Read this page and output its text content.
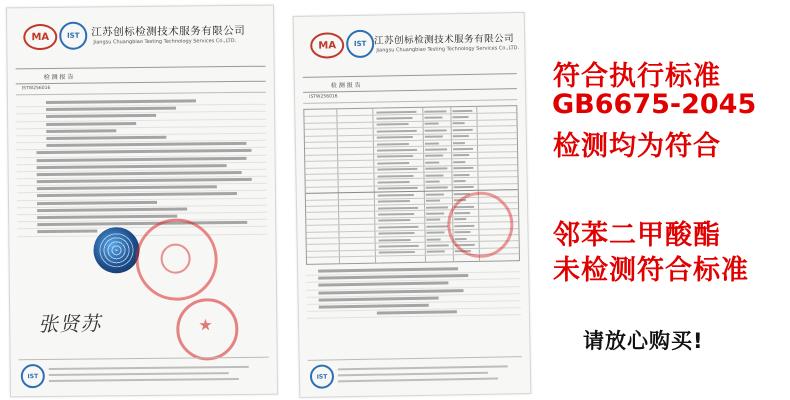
MA	IST	江苏创标检测技术服务有限公司
Jiangsu Chuangbiao Testing Technology Services Co.,LTD.
检 测 报 告
ISTW256016
张贤苏
★
IST
MA	IST 江苏创标检测技术服务有限公司
Jiangsu Chuangbiao Testing Technology Services Co.,LTD.
检 测 报 告
ISTW256016
IST

符合执行标准

GB6675-2045

检测均为符合

邻苯二甲酸酯

未检测符合标准

请放心购买!
